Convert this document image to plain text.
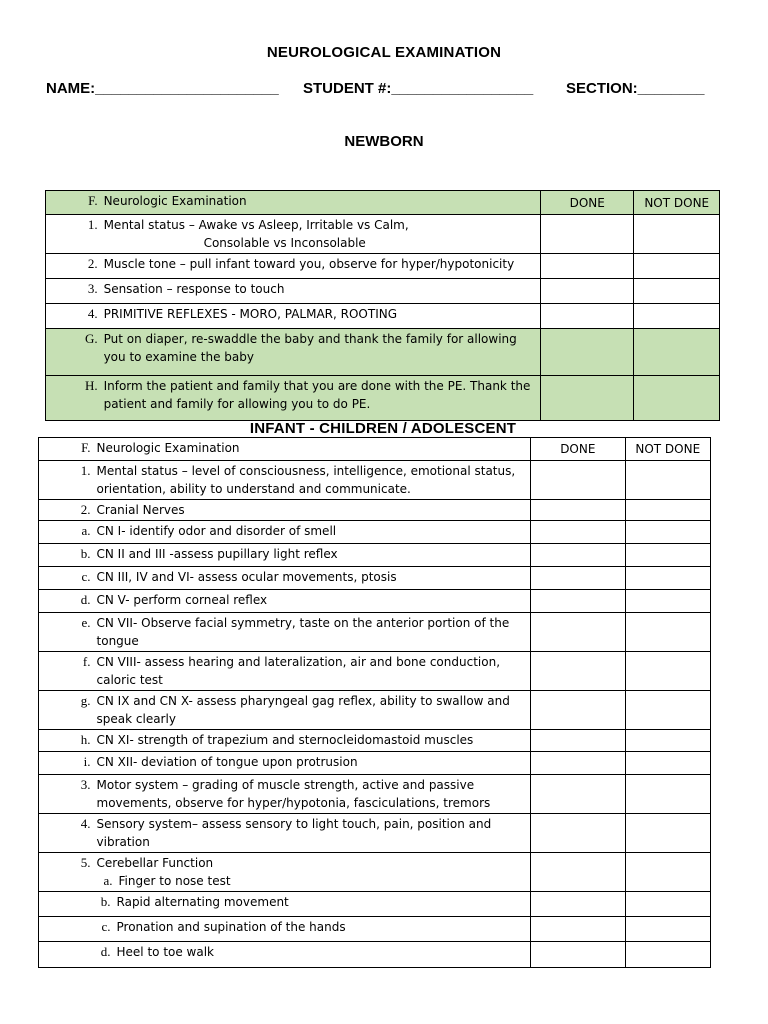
NEUROLOGICAL EXAMINATION
NAME:______________________ STUDENT #:_________________ SECTION:________
NEWBORN
F.	Neurologic Examination	DONE	NOT DONE
1.	Mental status – Awake vs Asleep, Irritable vs Calm,
Consolable vs Inconsolable		

2.	Muscle tone – pull infant toward you, observe for hyper/hypotonicity		
3.	Sensation – response to touch		
4.	PRIMITIVE REFLEXES - MORO, PALMAR, ROOTING		
G.	Put on diaper, re-swaddle the baby and thank the family for allowing you to examine the baby		
H.	Inform the patient and family that you are done with the PE. Thank the patient and family for allowing you to do PE.		
INFANT - CHILDREN / ADOLESCENT
F.	Neurologic Examination	DONE	NOT DONE
1.	Mental status – level of consciousness, intelligence, emotional status, orientation, ability to understand and communicate.		
2.	Cranial Nerves		
a.	CN I- identify odor and disorder of smell		
b.	CN II and III -assess pupillary light reflex		
c.	CN III, IV and VI- assess ocular movements, ptosis		
d.	CN V- perform corneal reflex		
e.	CN VII- Observe facial symmetry, taste on the anterior portion of the tongue		
f.	CN VIII- assess hearing and lateralization, air and bone conduction, caloric test		
g.	CN IX and CN X- assess pharyngeal gag reflex, ability to swallow and speak clearly		
h.	CN XI- strength of trapezium and sternocleidomastoid muscles		
i.	CN XII- deviation of tongue upon protrusion		
3.	Motor system – grading of muscle strength, active and passive movements, observe for hyper/hypotonia, fasciculations, tremors		
4.	Sensory system– assess sensory to light touch, pain, position and vibration		
5.	Cerebellar Function
a. Finger to nose test		
	b. Rapid alternating movement		
	c. Pronation and supination of the hands		
	d. Heel to toe walk		
